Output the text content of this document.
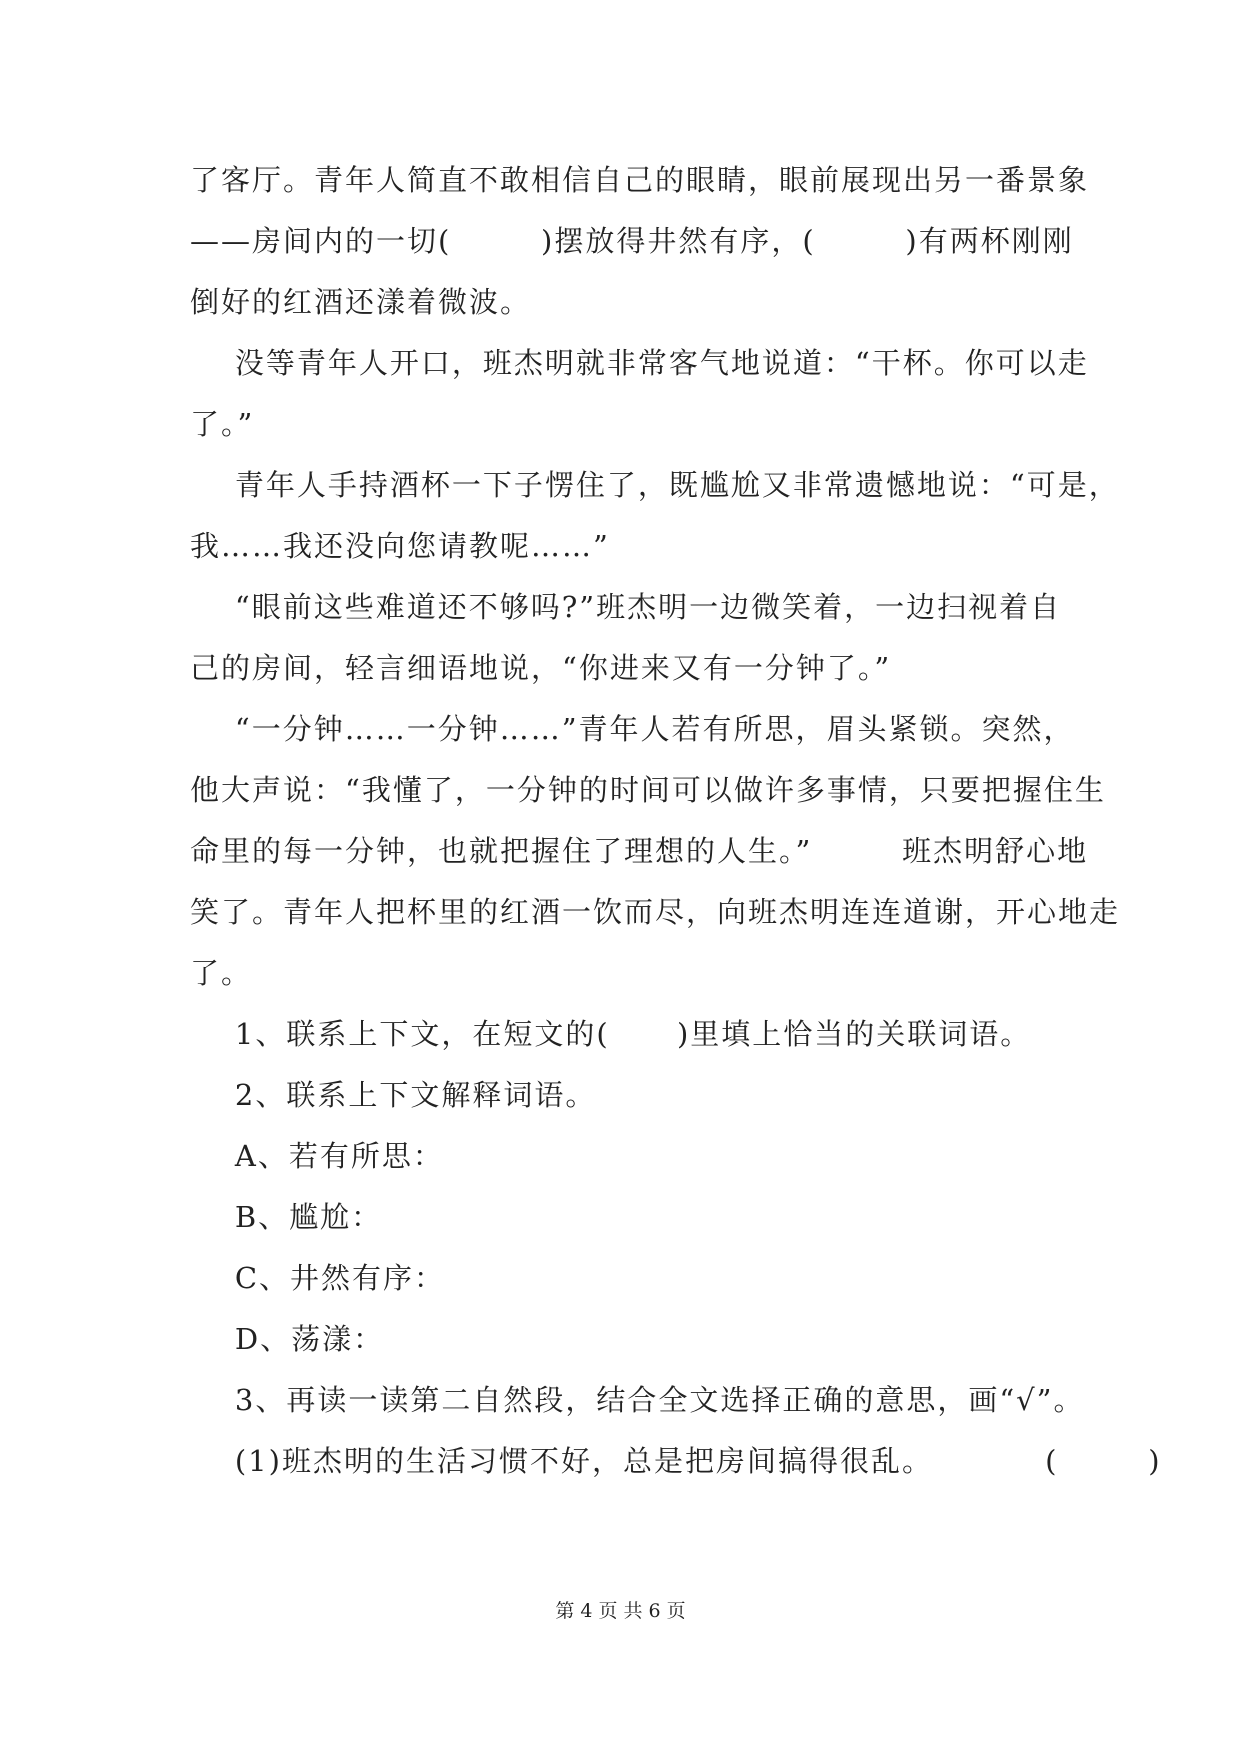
了客厅。青年人简直不敢相信自己的眼睛，眼前展现出另一番景象
——房间内的一切(        )摆放得井然有序，(        )有两杯刚刚
倒好的红酒还漾着微波。
没等青年人开口，班杰明就非常客气地说道：“干杯。你可以走
了。”
青年人手持酒杯一下子愣住了，既尴尬又非常遗憾地说：“可是，
我……我还没向您请教呢……”
“眼前这些难道还不够吗?”班杰明一边微笑着，一边扫视着自
己的房间，轻言细语地说，“你进来又有一分钟了。”
“一分钟……一分钟……”青年人若有所思，眉头紧锁。突然，
他大声说：“我懂了，一分钟的时间可以做许多事情，只要把握住生
命里的每一分钟，也就把握住了理想的人生。”        班杰明舒心地
笑了。青年人把杯里的红酒一饮而尽，向班杰明连连道谢，开心地走
了。
1、联系上下文，在短文的(      )里填上恰当的关联词语。
2、联系上下文解释词语。
A、若有所思：
B、尴尬：
C、井然有序：
D、荡漾：
3、再读一读第二自然段，结合全文选择正确的意思，画“√”。
(1)班杰明的生活习惯不好，总是把房间搞得很乱。          (        )
第 4 页 共 6 页
